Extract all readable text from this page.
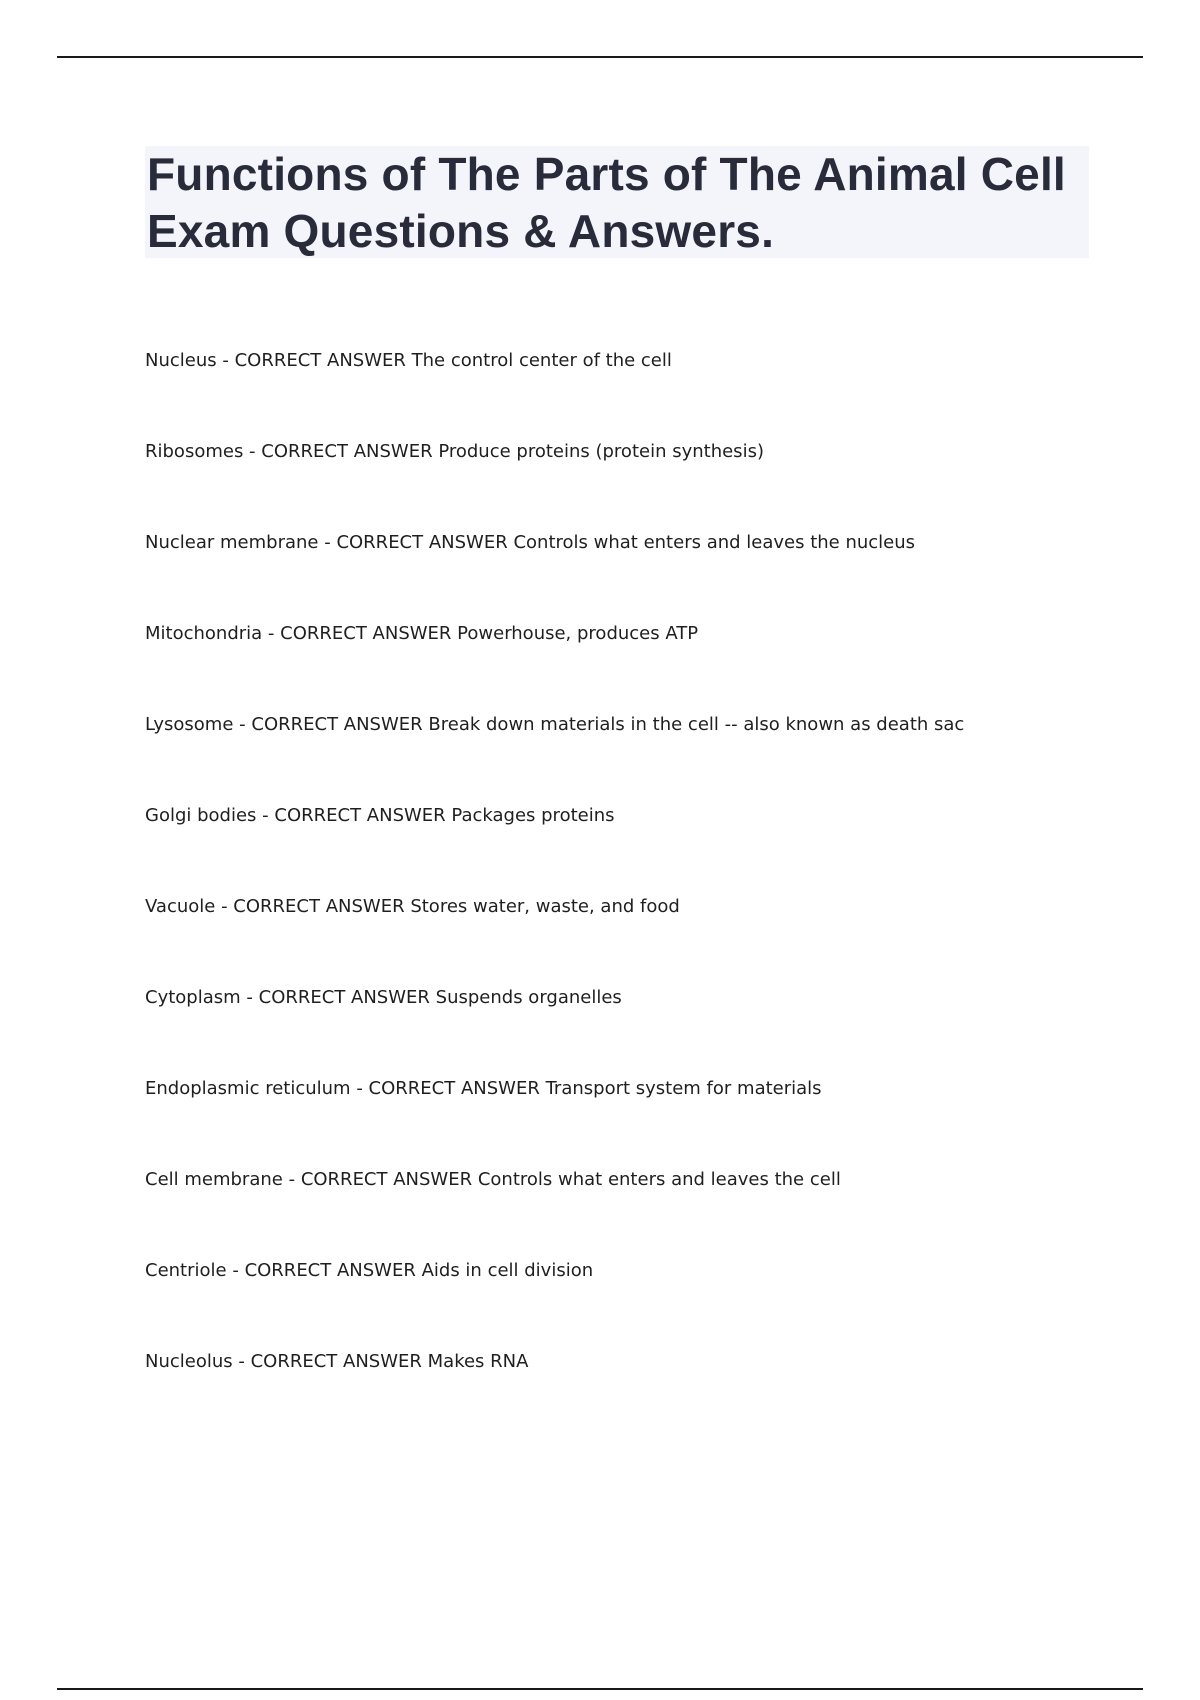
Functions of The Parts of The Animal Cell Exam Questions & Answers.
Nucleus - CORRECT ANSWER The control center of the cell
Ribosomes - CORRECT ANSWER Produce proteins (protein synthesis)
Nuclear membrane - CORRECT ANSWER Controls what enters and leaves the nucleus
Mitochondria - CORRECT ANSWER Powerhouse, produces ATP
Lysosome - CORRECT ANSWER Break down materials in the cell -- also known as death sac
Golgi bodies - CORRECT ANSWER Packages proteins
Vacuole - CORRECT ANSWER Stores water, waste, and food
Cytoplasm - CORRECT ANSWER Suspends organelles
Endoplasmic reticulum - CORRECT ANSWER Transport system for materials
Cell membrane - CORRECT ANSWER Controls what enters and leaves the cell
Centriole - CORRECT ANSWER Aids in cell division
Nucleolus - CORRECT ANSWER Makes RNA
